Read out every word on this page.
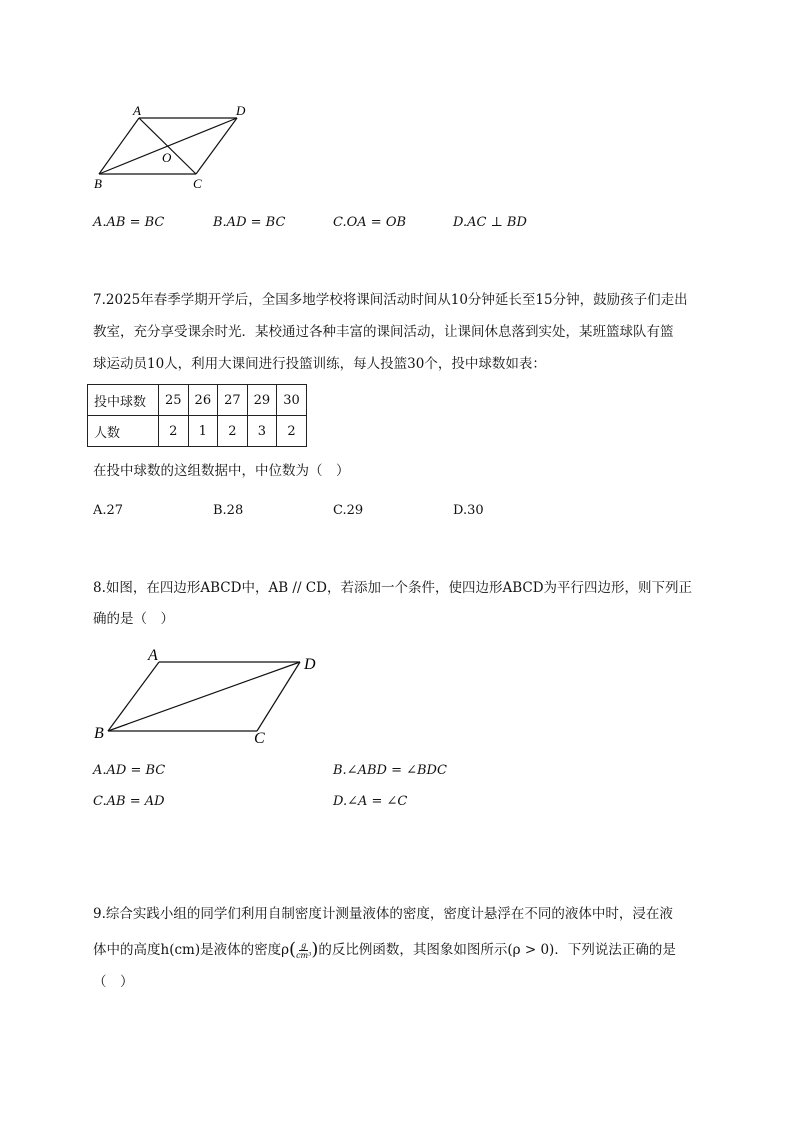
A	D
O
B	C
A.AB = BC	B.AD = BC	C.OA = OB	D.AC ⊥ BD
7.2025年春季学期开学后，全国多地学校将课间活动时间从10分钟延长至15分钟，鼓励孩子们走出
教室，充分享受课余时光．某校通过各种丰富的课间活动，让课间休息落到实处，某班篮球队有篮
球运动员10人，利用大课间进行投篮训练，每人投篮30个，投中球数如表：
投中球数	25	26	27	29	30
人数	2	1	2	3	2
在投中球数的这组数据中，中位数为（　）
A.27	B.28	C.29	D.30
8.如图，在四边形ABCD中，AB // CD，若添加一个条件，使四边形ABCD为平行四边形，则下列正
确的是（　）
A
D
B	C
A.AD = BC	B.∠ABD = ∠BDC
C.AB = AD	D.∠A = ∠C
9.综合实践小组的同学们利用自制密度计测量液体的密度，密度计悬浮在不同的液体中时，浸在液
体中的高度h(cm)是液体的密度ρ ( $\frac{g}{\text{cm³}}$ ) 的反比例函数，其图象如图所示(ρ > 0)．下列说法正确的是
（　）
